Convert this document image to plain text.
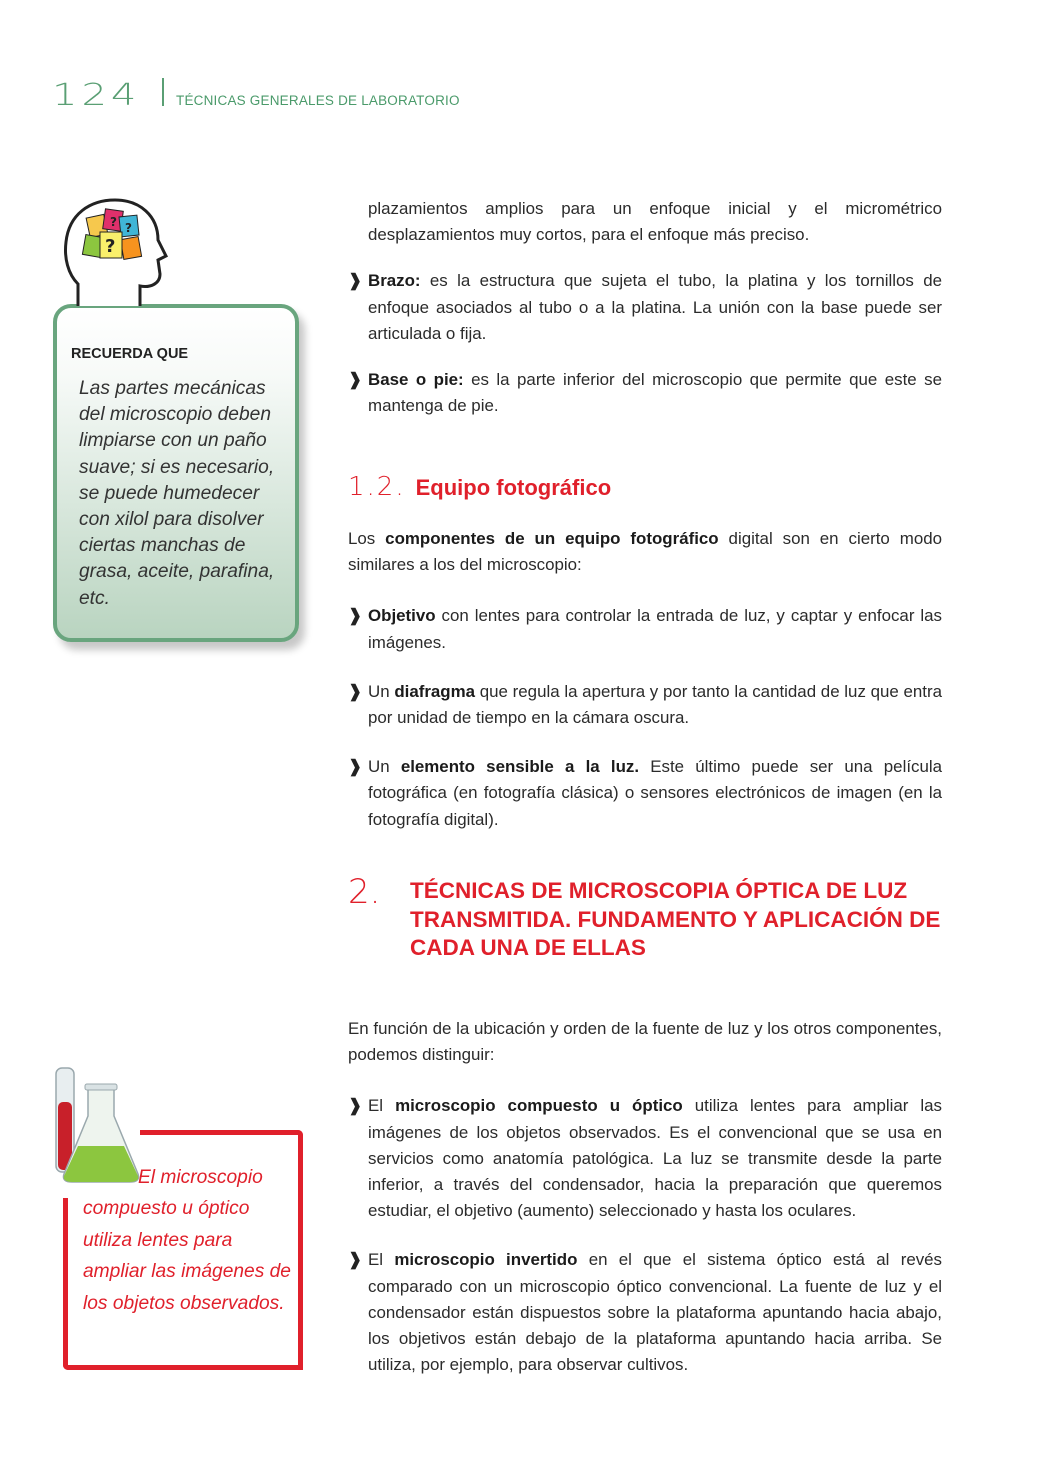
124	TÉCNICAS GENERALES DE LABORATORIO
RECUERDA QUE
Las partes mecánicas del microscopio deben limpiarse con un paño suave; si es necesario, se puede humedecer con xilol para disolver ciertas manchas de grasa, aceite, parafina, etc.
?
? ?
El microscopio
compuesto u óptico utiliza lentes para ampliar las imágenes de los objetos observados.

plazamientos amplios para un enfoque inicial y el micrométrico desplazamientos muy cortos, para el enfoque más preciso.

❱ Brazo: es la estructura que sujeta el tubo, la platina y los tornillos de enfoque asociados al tubo o a la platina. La unión con la base puede ser articulada o fija.

❱ Base o pie: es la parte inferior del microscopio que permite que este se mantenga de pie.

1.2. Equipo fotográfico

Los componentes de un equipo fotográfico digital son en cierto modo similares a los del microscopio:

❱ Objetivo con lentes para controlar la entrada de luz, y captar y enfocar las imágenes.

❱ Un diafragma que regula la apertura y por tanto la cantidad de luz que entra por unidad de tiempo en la cámara oscura.

❱ Un elemento sensible a la luz. Este último puede ser una película fotográfica (en fotografía clásica) o sensores electrónicos de imagen (en la fotografía digital).

2.	TÉCNICAS DE MICROSCOPIA ÓPTICA DE LUZ TRANSMITIDA. FUNDAMENTO Y APLICACIÓN DE CADA UNA DE ELLAS

En función de la ubicación y orden de la fuente de luz y los otros componentes, podemos distinguir:

❱ El microscopio compuesto u óptico utiliza lentes para ampliar las imágenes de los objetos observados. Es el convencional que se usa en servicios como anatomía patológica. La luz se transmite desde la parte inferior, a través del condensador, hacia la preparación que queremos estudiar, el objetivo (aumento) seleccionado y hasta los oculares.

❱ El microscopio invertido en el que el sistema óptico está al revés comparado con un microscopio óptico convencional. La fuente de luz y el condensador están dispuestos sobre la plataforma apuntando hacia abajo, los objetivos están debajo de la plataforma apuntando hacia arriba. Se utiliza, por ejemplo, para observar cultivos.
